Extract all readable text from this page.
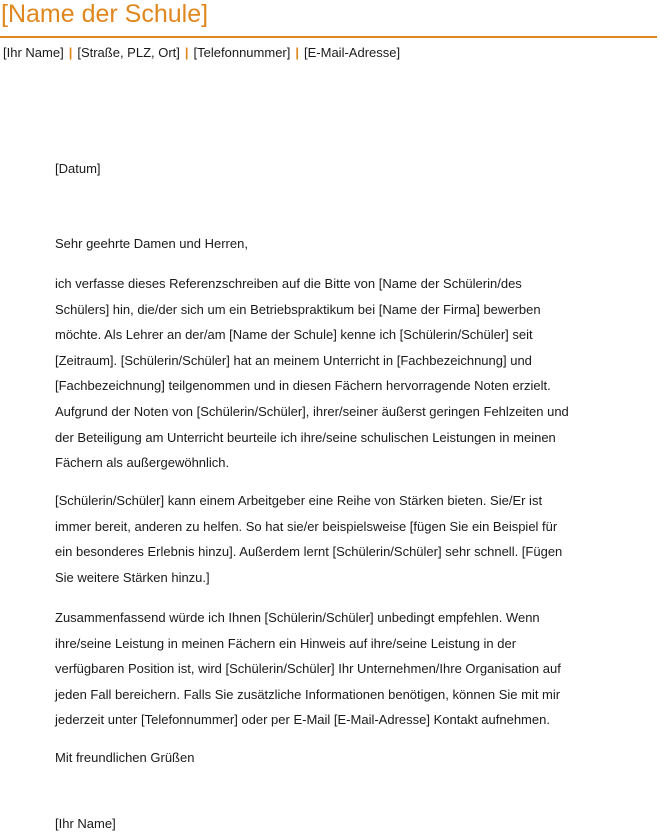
[Name der Schule]
[Ihr Name] | [Straße, PLZ, Ort] | [Telefonnummer] | [E-Mail-Adresse]
[Datum]
Sehr geehrte Damen und Herren,
ich verfasse dieses Referenzschreiben auf die Bitte von [Name der Schülerin/des
Schülers] hin, die/der sich um ein Betriebspraktikum bei [Name der Firma] bewerben
möchte. Als Lehrer an der/am [Name der Schule] kenne ich [Schülerin/Schüler] seit
[Zeitraum]. [Schülerin/Schüler] hat an meinem Unterricht in [Fachbezeichnung] und
[Fachbezeichnung] teilgenommen und in diesen Fächern hervorragende Noten erzielt.
Aufgrund der Noten von [Schülerin/Schüler], ihrer/seiner äußerst geringen Fehlzeiten und
der Beteiligung am Unterricht beurteile ich ihre/seine schulischen Leistungen in meinen
Fächern als außergewöhnlich.
[Schülerin/Schüler] kann einem Arbeitgeber eine Reihe von Stärken bieten. Sie/Er ist
immer bereit, anderen zu helfen. So hat sie/er beispielsweise [fügen Sie ein Beispiel für
ein besonderes Erlebnis hinzu]. Außerdem lernt [Schülerin/Schüler] sehr schnell. [Fügen
Sie weitere Stärken hinzu.]
Zusammenfassend würde ich Ihnen [Schülerin/Schüler] unbedingt empfehlen. Wenn
ihre/seine Leistung in meinen Fächern ein Hinweis auf ihre/seine Leistung in der
verfügbaren Position ist, wird [Schülerin/Schüler] Ihr Unternehmen/Ihre Organisation auf
jeden Fall bereichern. Falls Sie zusätzliche Informationen benötigen, können Sie mit mir
jederzeit unter [Telefonnummer] oder per E-Mail [E-Mail-Adresse] Kontakt aufnehmen.
Mit freundlichen Grüßen
[Ihr Name]
